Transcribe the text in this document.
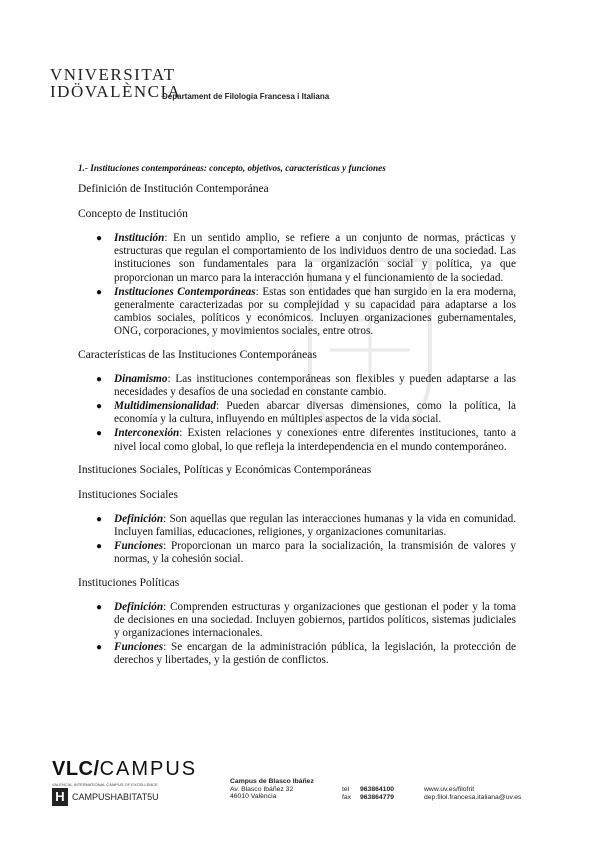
VNIVERSITAT
IDÖVALÈNCIA
Departament de Filologia Francesa i Italiana
1.- Instituciones contemporáneas: concepto, objetivos, características y funciones
Definición de Institución Contemporánea
Concepto de Institución
● Institución: En un sentido amplio, se refiere a un conjunto de normas, prácticas y estructuras que regulan el comportamiento de los individuos dentro de una sociedad. Las instituciones son fundamentales para la organización social y política, ya que proporcionan un marco para la interacción humana y el funcionamiento de la sociedad.
● Instituciones Contemporáneas: Estas son entidades que han surgido en la era moderna, generalmente caracterizadas por su complejidad y su capacidad para adaptarse a los cambios sociales, políticos y económicos. Incluyen organizaciones gubernamentales, ONG, corporaciones, y movimientos sociales, entre otros.
Características de las Instituciones Contemporáneas
● Dinamismo: Las instituciones contemporáneas son flexibles y pueden adaptarse a las necesidades y desafíos de una sociedad en constante cambio.
● Multidimensionalidad: Pueden abarcar diversas dimensiones, como la política, la economía y la cultura, influyendo en múltiples aspectos de la vida social.
● Interconexión: Existen relaciones y conexiones entre diferentes instituciones, tanto a nivel local como global, lo que refleja la interdependencia en el mundo contemporáneo.
Instituciones Sociales, Políticas y Económicas Contemporáneas
Instituciones Sociales
● Definición: Son aquellas que regulan las interacciones humanas y la vida en comunidad. Incluyen familias, educaciones, religiones, y organizaciones comunitarias.
● Funciones: Proporcionan un marco para la socialización, la transmisión de valores y normas, y la cohesión social.
Instituciones Políticas
● Definición: Comprenden estructuras y organizaciones que gestionan el poder y la toma de decisiones en una sociedad. Incluyen gobiernos, partidos políticos, sistemas judiciales y organizaciones internacionales.
● Funciones: Se encargan de la administración pública, la legislación, la protección de derechos y libertades, y la gestión de conflictos.
VLC/CAMPUS
VALENCIA, INTERNATIONAL CAMPUS OF EXCELLENCE
H CAMPUSHABITAT5U
Campus de Blasco Ibáñez
Av. Blasco Ibáñez 32
46010 València
tel	963864100
fax	963864779
www.uv.es/filofrit
dep.filol.francesa.italiana@uv.es
